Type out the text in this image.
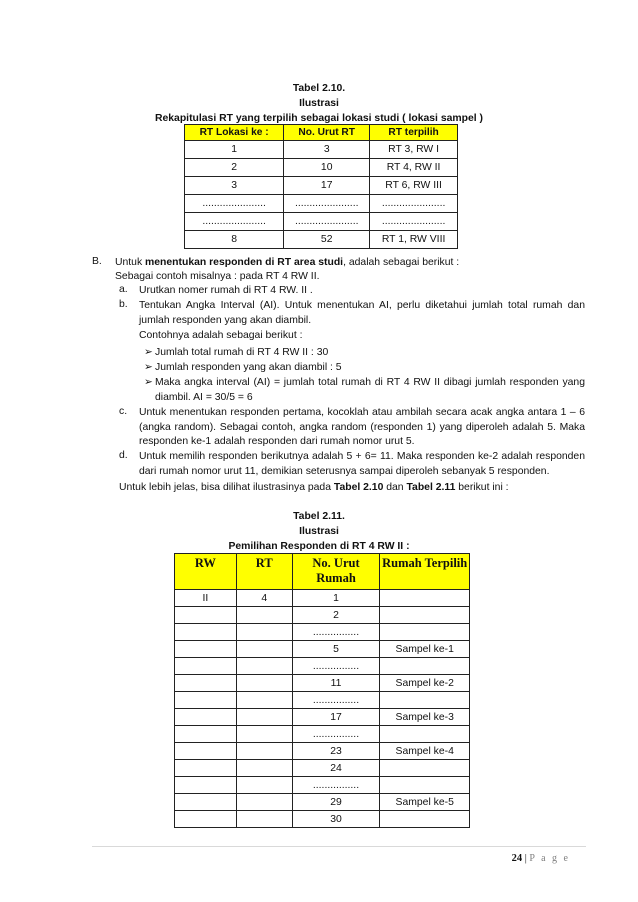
Tabel 2.10.
Ilustrasi
Rekapitulasi RT yang terpilih sebagai lokasi studi ( lokasi sampel )
RT Lokasi ke :	No. Urut RT	RT terpilih
1	3	RT 3, RW I
2	10	RT 4, RW II
3	17	RT 6, RW III
......................	......................	......................
......................	......................	......................
8	52	RT 1, RW VIII
B. Untuk menentukan responden di RT area studi, adalah sebagai berikut :
Sebagai contoh misalnya : pada RT 4 RW II.
a. Urutkan nomer rumah di RT 4 RW. II .
b. Tentukan Angka Interval (AI). Untuk menentukan AI, perlu diketahui jumlah total rumah dan jumlah responden yang akan diambil.
Contohnya adalah sebagai berikut :
➢ Jumlah total rumah di RT 4 RW II : 30
➢ Jumlah responden yang akan diambil : 5
➢ Maka angka interval (AI) = jumlah total rumah di RT 4 RW II dibagi jumlah responden yang diambil. AI = 30/5 = 6
c. Untuk menentukan responden pertama, kocoklah atau ambilah secara acak angka antara 1 – 6 (angka random). Sebagai contoh, angka random (responden 1) yang diperoleh adalah 5. Maka responden ke-1 adalah responden dari rumah nomor urut 5.
d. Untuk memilih responden berikutnya adalah 5 + 6= 11. Maka responden ke-2 adalah responden dari rumah nomor urut 11, demikian seterusnya sampai diperoleh sebanyak 5 responden.
Untuk lebih jelas, bisa dilihat ilustrasinya pada Tabel 2.10 dan Tabel 2.11 berikut ini :
Tabel 2.11.
Ilustrasi
Pemilihan Responden di RT 4 RW II :
RW	RT	No. Urut Rumah	Rumah Terpilih
II	4	1	
		2	
		................	
		5	Sampel ke-1
		................	
		11	Sampel ke-2
		................	
		17	Sampel ke-3
		................	
		23	Sampel ke-4
		24	
		................	
		29	Sampel ke-5
		30	
24 | P a g e
